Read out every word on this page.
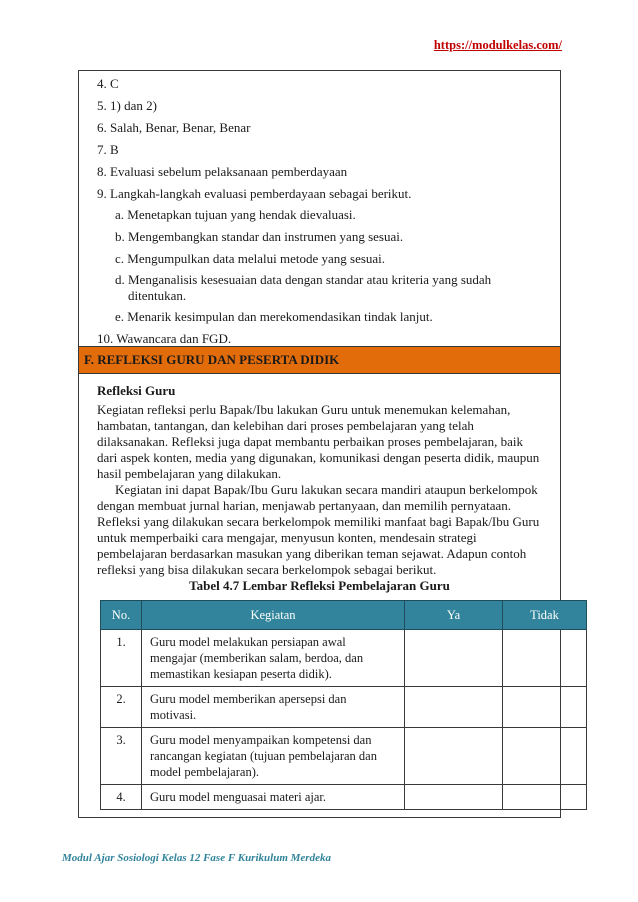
https://modulkelas.com/
4. C
5. 1) dan 2)
6. Salah, Benar, Benar, Benar
7. B
8. Evaluasi sebelum pelaksanaan pemberdayaan
9. Langkah-langkah evaluasi pemberdayaan sebagai berikut.
a. Menetapkan tujuan yang hendak dievaluasi.
b. Mengembangkan standar dan instrumen yang sesuai.
c. Mengumpulkan data melalui metode yang sesuai.
d. Menganalisis kesesuaian data dengan standar atau kriteria yang sudah
ditentukan.
e. Menarik kesimpulan dan merekomendasikan tindak lanjut.
10. Wawancara dan FGD.
F. REFLEKSI GURU DAN PESERTA DIDIK
Refleksi Guru
Kegiatan refleksi perlu Bapak/Ibu lakukan Guru untuk menemukan kelemahan,
hambatan, tantangan, dan kelebihan dari proses pembelajaran yang telah
dilaksanakan. Refleksi juga dapat membantu perbaikan proses pembelajaran, baik
dari aspek konten, media yang digunakan, komunikasi dengan peserta didik, maupun
hasil pembelajaran yang dilakukan.
Kegiatan ini dapat Bapak/Ibu Guru lakukan secara mandiri ataupun berkelompok
dengan membuat jurnal harian, menjawab pertanyaan, dan memilih pernyataan.
Refleksi yang dilakukan secara berkelompok memiliki manfaat bagi Bapak/Ibu Guru
untuk memperbaiki cara mengajar, menyusun konten, mendesain strategi
pembelajaran berdasarkan masukan yang diberikan teman sejawat. Adapun contoh
refleksi yang bisa dilakukan secara berkelompok sebagai berikut.
Tabel 4.7 Lembar Refleksi Pembelajaran Guru
No.	Kegiatan	Ya	Tidak
1.	Guru model melakukan persiapan awal
mengajar (memberikan salam, berdoa, dan
memastikan kesiapan peserta didik).		

2.	Guru model memberikan apersepsi dan
motivasi.		

3.	Guru model menyampaikan kompetensi dan
rancangan kegiatan (tujuan pembelajaran dan
model pembelajaran).		

4.	Guru model menguasai materi ajar.		

Modul Ajar Sosiologi Kelas 12 Fase F Kurikulum Merdeka
